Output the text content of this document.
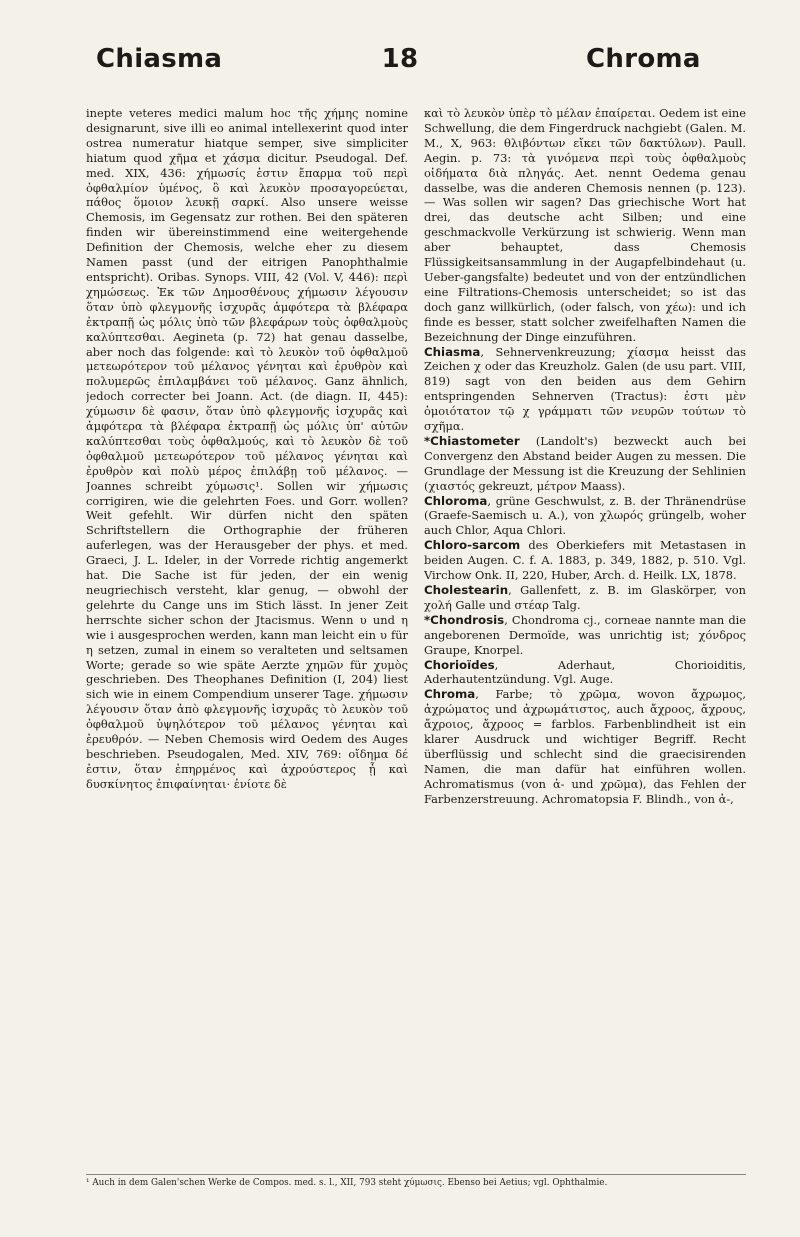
Chiasma	18	Chroma

inepte veteres medici malum hoc τῆς χήμης nomine designarunt, sive illi eo animal intellexerint quod inter ostrea numeratur hiatque semper, sive simpliciter hiatum quod χῆμα et χάσμα dicitur. Pseudogal. Def. med. XIX, 436: χήμωσίς ἐστιν ἔπαρμα τοῦ περὶ ὀφθαλμίον ὑμένος, ὃ καὶ λευκὸν προσαγορεύεται, πάθος ὅμοιον λευκῇ σαρκί. Also unsere weisse Chemosis, im Gegensatz zur rothen. Bei den späteren finden wir übereinstimmend eine weitergehende Definition der Chemosis, welche eher zu diesem Namen passt (und der eitrigen Panophthalmie entspricht). Oribas. Synops. VIII, 42 (Vol. V, 446): περὶ χημώσεως. Ἐκ τῶν Δημοσθένους χήμωσιν λέγουσιν ὅταν ὑπὸ φλεγμονῆς ἰσχυρᾶς ἀμφότερα τὰ βλέφαρα ἐκτραπῇ ὡς μόλις ὑπὸ τῶν βλεφάρων τοὺς ὀφθαλμοὺς καλύπτεσθαι. Aegineta (p. 72) hat genau dasselbe, aber noch das folgende: καὶ τὸ λευκὸν τοῦ ὀφθαλμοῦ μετεωρότερον τοῦ μέλανος γένηται καὶ ἐρυθρὸν καὶ πολυμερῶς ἐπιλαμβάνει τοῦ μέλανος. Ganz ähnlich, jedoch correcter bei Joann. Act. (de diagn. II, 445): χύμωσιν δὲ φασιν, ὅταν ὑπὸ φλεγμονῆς ἰσχυρᾶς καὶ ἀμφότερα τὰ βλέφαρα ἐκτραπῇ ὡς μόλις ὑπ' αὐτῶν καλύπτεσθαι τοὺς ὀφθαλμούς, καὶ τὸ λευκὸν δὲ τοῦ ὀφθαλμοῦ μετεωρότερον τοῦ μέλανος γένηται καὶ ἐρυθρὸν καὶ πολὺ μέρος ἐπιλάβῃ τοῦ μέλανος. — Joannes schreibt χύμωσις¹. Sollen wir χήμωσις corrigiren, wie die gelehrten Foes. und Gorr. wollen? Weit gefehlt. Wir dürfen nicht den späten Schriftstellern die Orthographie der früheren auferlegen, was der Herausgeber der phys. et med. Graeci, J. L. Ideler, in der Vorrede richtig angemerkt hat. Die Sache ist für jeden, der ein wenig neugriechisch versteht, klar genug, — obwohl der gelehrte du Cange uns im Stich lässt. In jener Zeit herrschte sicher schon der Jtacismus. Wenn υ und η wie i ausgesprochen werden, kann man leicht ein υ für η setzen, zumal in einem so veralteten und seltsamen Worte; gerade so wie späte Aerzte χημῶν für χυμὸς geschrieben. Des Theophanes Definition (I, 204) liest sich wie in einem Compendium unserer Tage. χήμωσιν λέγουσιν ὅταν ἀπὸ φλεγμονῆς ἰσχυρᾶς τὸ λευκὸν τοῦ ὀφθαλμοῦ ὑψηλότερον τοῦ μέλανος γένηται καὶ ἐρευθρόν. — Neben Chemosis wird Oedem des Auges beschrieben. Pseudogalen, Med. XIV, 769: οἴδημα δέ ἐστιν, ὅταν ἐπηρμένος καὶ ἀχρούστερος ᾖ καὶ δυσκίνητος ἐπιφαίνηται· ἐνίοτε δὲ

καὶ τὸ λευκὸν ὑπὲρ τὸ μέλαν ἐπαίρεται. Oedem ist eine Schwellung, die dem Fingerdruck nachgiebt (Galen. M. M., X, 963: θλιβόντων εἴκει τῶν δακτύλων). Paull. Aegin. p. 73: τὰ γινόμενα περὶ τοὺς ὀφθαλμοὺς οἰδήματα διὰ πληγάς. Aet. nennt Oedema genau dasselbe, was die anderen Chemosis nennen (p. 123). — Was sollen wir sagen? Das griechische Wort hat drei, das deutsche acht Silben; und eine geschmackvolle Verkürzung ist schwierig. Wenn man aber behauptet, dass Chemosis Flüssigkeitsansammlung in der Augapfelbindehaut (u. Ueber-gangsfalte) bedeutet und von der entzündlichen eine Filtrations-Chemosis unterscheidet; so ist das doch ganz willkürlich, (oder falsch, von χέω): und ich finde es besser, statt solcher zweifelhaften Namen die Bezeichnung der Dinge einzuführen.

Chiasma, Sehnervenkreuzung; χίασμα heisst das Zeichen χ oder das Kreuzholz. Galen (de usu part. VIII, 819) sagt von den beiden aus dem Gehirn entspringenden Sehnerven (Tractus): ἐστι μὲν ὁμοιότατον τῷ χ γράμματι τῶν νευρῶν τούτων τὸ σχῆμα.

*Chiastometer (Landolt's) bezweckt auch bei Convergenz den Abstand beider Augen zu messen. Die Grundlage der Messung ist die Kreuzung der Sehlinien (χιαστός gekreuzt, μέτρον Maass).

Chloroma, grüne Geschwulst, z. B. der Thränendrüse (Graefe-Saemisch u. A.), von χλωρός grüngelb, woher auch Chlor, Aqua Chlori.

Chloro-sarcom des Oberkiefers mit Metastasen in beiden Augen. C. f. A. 1883, p. 349, 1882, p. 510. Vgl. Virchow Onk. II, 220, Huber, Arch. d. Heilk. LX, 1878.

Cholestearin, Gallenfett, z. B. im Glaskörper, von χολή Galle und στέαρ Talg.

*Chondrosis, Chondroma cj., corneae nannte man die angeborenen Dermoïde, was unrichtig ist; χόνδρος Graupe, Knorpel.

Chorioïdes, Aderhaut, Chorioiditis, Aderhautentzündung. Vgl. Auge.

Chroma, Farbe; τὸ χρῶμα, wovon ἄχρωμος, ἀχρώματος und ἀχρωμάτιστος, auch ἄχροος, ἄχρους, ἄχροιος, ἄχροος = farblos. Farbenblindheit ist ein klarer Ausdruck und wichtiger Begriff. Recht überflüssig und schlecht sind die graecisirenden Namen, die man dafür hat einführen wollen. Achromatismus (von ἀ- und χρῶμα), das Fehlen der Farbenzerstreuung. Achromatopsia F. Blindh., von ἀ-,

¹ Auch in dem Galen'schen Werke de Compos. med. s. l., XII, 793 steht χύμωσις. Ebenso bei Aetius; vgl. Ophthalmie.
